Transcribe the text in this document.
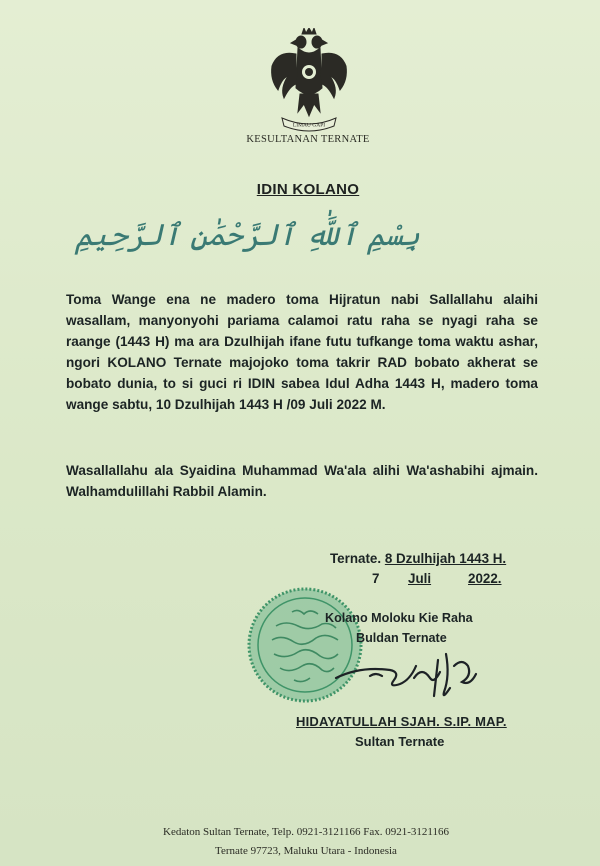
LIMAU GAPI
KESULTANAN TERNATE
IDIN KOLANO
بِسْمِ ٱللَّٰهِ ٱلرَّحْمَٰنِ ٱلرَّحِيمِ
Toma Wange ena ne madero toma Hijratun nabi Sallallahu alaihi wasallam, manyonyohi pariama calamoi ratu raha se nyagi raha se raange (1443 H) ma ara Dzulhijah ifane futu tufkange toma waktu ashar, ngori KOLANO Ternate majojoko toma takrir RAD bobato akherat se bobato dunia, to si guci ri IDIN sabea Idul Adha 1443 H, madero toma wange sabtu, 10 Dzulhijah 1443 H /09 Juli 2022 M.
Wasallallahu ala Syaidina Muhammad Wa'ala alihi Wa'ashabihi ajmain. Walhamdulillahi Rabbil Alamin.
Ternate. 8 Dzulhijah 1443 H.
7	Juli	2022.
Kolano Moloku Kie Raha
Buldan Ternate
HIDAYATULLAH SJAH. S.IP. MAP.
Sultan Ternate
Kedaton Sultan Ternate, Telp. 0921-3121166 Fax. 0921-3121166
Ternate 97723, Maluku Utara - Indonesia
